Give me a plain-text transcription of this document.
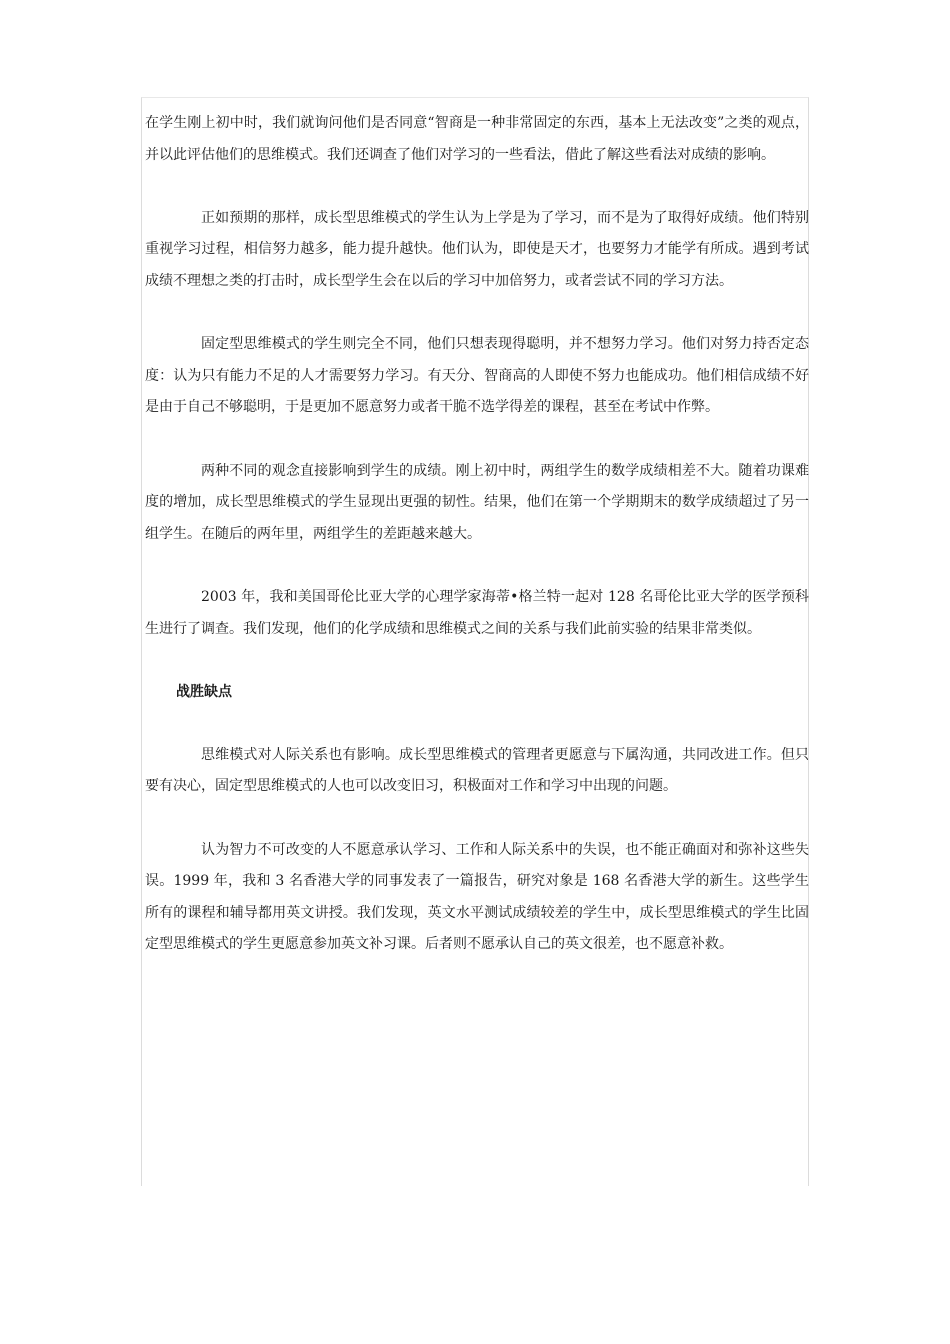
在学生刚上初中时，我们就询问他们是否同意“智商是一种非常固定的东西，基本上无法改变”之类的观点，并以此评估他们的思维模式。我们还调查了他们对学习的一些看法，借此了解这些看法对成绩的影响。

正如预期的那样，成长型思维模式的学生认为上学是为了学习，而不是为了取得好成绩。他们特别重视学习过程，相信努力越多，能力提升越快。他们认为，即使是天才，也要努力才能学有所成。遇到考试成绩不理想之类的打击时，成长型学生会在以后的学习中加倍努力，或者尝试不同的学习方法。

固定型思维模式的学生则完全不同，他们只想表现得聪明，并不想努力学习。他们对努力持否定态度：认为只有能力不足的人才需要努力学习。有天分、智商高的人即使不努力也能成功。他们相信成绩不好是由于自己不够聪明，于是更加不愿意努力或者干脆不选学得差的课程，甚至在考试中作弊。

两种不同的观念直接影响到学生的成绩。刚上初中时，两组学生的数学成绩相差不大。随着功课难度的增加，成长型思维模式的学生显现出更强的韧性。结果，他们在第一个学期期末的数学成绩超过了另一组学生。在随后的两年里，两组学生的差距越来越大。

2003 年，我和美国哥伦比亚大学的心理学家海蒂•格兰特一起对 128 名哥伦比亚大学的医学预科生进行了调查。我们发现，他们的化学成绩和思维模式之间的关系与我们此前实验的结果非常类似。

战胜缺点

思维模式对人际关系也有影响。成长型思维模式的管理者更愿意与下属沟通，共同改进工作。但只要有决心，固定型思维模式的人也可以改变旧习，积极面对工作和学习中出现的问题。

认为智力不可改变的人不愿意承认学习、工作和人际关系中的失误，也不能正确面对和弥补这些失误。1999 年，我和 3 名香港大学的同事发表了一篇报告，研究对象是 168 名香港大学的新生。这些学生所有的课程和辅导都用英文讲授。我们发现，英文水平测试成绩较差的学生中，成长型思维模式的学生比固定型思维模式的学生更愿意参加英文补习课。后者则不愿承认自己的英文很差，也不愿意补救。
